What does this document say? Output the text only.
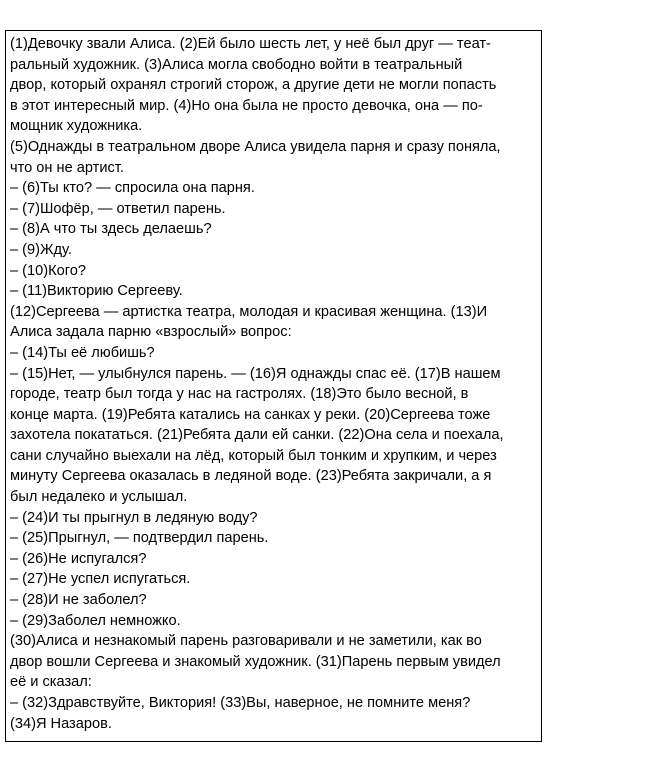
(1)Девочку звали Алиса. (2)Ей было шесть лет, у неё был друг — теат-
ральный художник. (3)Алиса могла свободно войти в театральный
двор, который охранял строгий сторож, а другие дети не могли попасть
в этот интересный мир. (4)Но она была не просто девочка, она — по-
мощник художника.
(5)Однажды в театральном дворе Алиса увидела парня и сразу поняла,
что он не артист.
– (6)Ты кто? — спросила она парня.
– (7)Шофёр, — ответил парень.
– (8)А что ты здесь делаешь?
– (9)Жду.
– (10)Кого?
– (11)Викторию Сергееву.
(12)Сергеева — артистка театра, молодая и красивая женщина. (13)И
Алиса задала парню «взрослый» вопрос:
– (14)Ты её любишь?
– (15)Нет, — улыбнулся парень. — (16)Я однажды спас её. (17)В нашем
городе, театр был тогда у нас на гастролях. (18)Это было весной, в
конце марта. (19)Ребята катались на санках у реки. (20)Сергеева тоже
захотела покататься. (21)Ребята дали ей санки. (22)Она села и поехала,
сани случайно выехали на лёд, который был тонким и хрупким, и через
минуту Сергеева оказалась в ледяной воде. (23)Ребята закричали, а я
был недалеко и услышал.
– (24)И ты прыгнул в ледяную воду?
– (25)Прыгнул, — подтвердил парень.
– (26)Не испугался?
– (27)Не успел испугаться.
– (28)И не заболел?
– (29)Заболел немножко.
(30)Алиса и незнакомый парень разговаривали и не заметили, как во
двор вошли Сергеева и знакомый художник. (31)Парень первым увидел
её и сказал:
– (32)Здравствуйте, Виктория! (33)Вы, наверное, не помните меня?
(34)Я Назаров.
